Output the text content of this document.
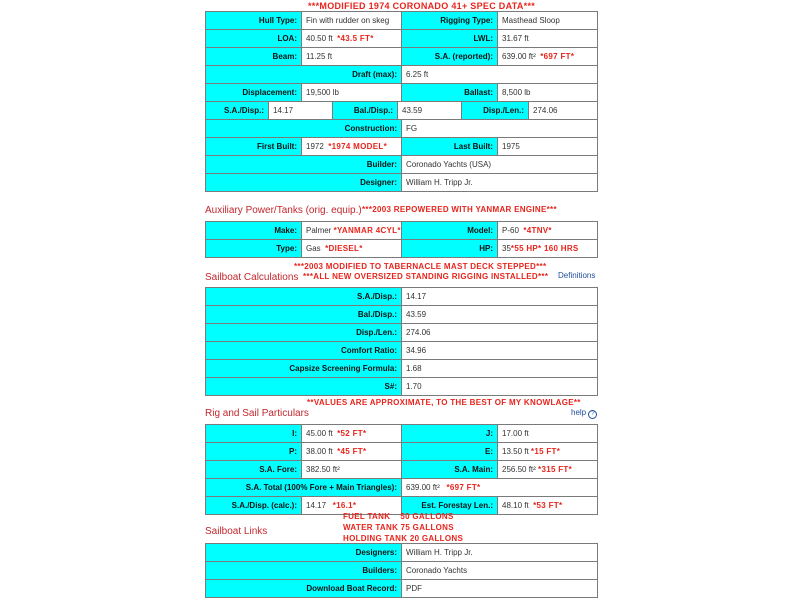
***MODIFIED 1974 CORONADO 41+ SPEC DATA***
Hull Type:	Fin with rudder on skeg	Rigging Type:	Masthead Sloop
LOA:	40.50 ft *43.5 FT*	LWL:	31.67 ft
Beam:	11.25 ft	S.A. (reported):	639.00 ft² *697 FT*
Draft (max):		6.25 ft	
Displacement:	19,500 lb	Ballast:	8,500 lb
S.A./Disp.:	14.17	Bal./Disp.:	43.59	Disp./Len.:	274.06
Construction:		FG	
First Built:	1972 *1974 MODEL*	Last Built:	1975
Builder:		Coronado Yachts (USA)	
Designer:		William H. Tripp Jr.	
Auxiliary Power/Tanks (orig. equip.) ***2003 REPOWERED WITH YANMAR ENGINE***
Make:	Palmer *YANMAR 4CYL*	Model:	P-60 *4TNV*
Type:	Gas *DIESEL*	HP:	35*55 HP* 160 HRS
***2003 MODIFIED TO TABERNACLE MAST DECK STEPPED***
***ALL NEW OVERSIZED STANDING RIGGING INSTALLED***
Sailboat Calculations	Definitions
S.A./Disp.:	14.17
Bal./Disp.:	43.59
Disp./Len.:	274.06
Comfort Ratio:	34.96
Capsize Screening Formula:	1.68
S#:	1.70
**VALUES ARE APPROXIMATE, TO THE BEST OF MY KNOWLAGE**
Rig and Sail Particulars	help ?
I:	45.00 ft *52 FT*	J:	17.00 ft
P:	38.00 ft *45 FT*	E:	13.50 ft *15 FT*
S.A. Fore:	382.50 ft²	S.A. Main:	256.50 ft² *315 FT*
S.A. Total (100% Fore + Main Triangles):		639.00 ft² *697 FT*	
S.A./Disp. (calc.):	14.17 *16.1*	Est. Forestay Len.:	48.10 ft *53 FT*
FUEL TANK    50 GALLONS
WATER TANK 75 GALLONS
HOLDING TANK 20 GALLONS
Sailboat Links
Designers:	William H. Tripp Jr.
Builders:	Coronado Yachts
Download Boat Record:	PDF
